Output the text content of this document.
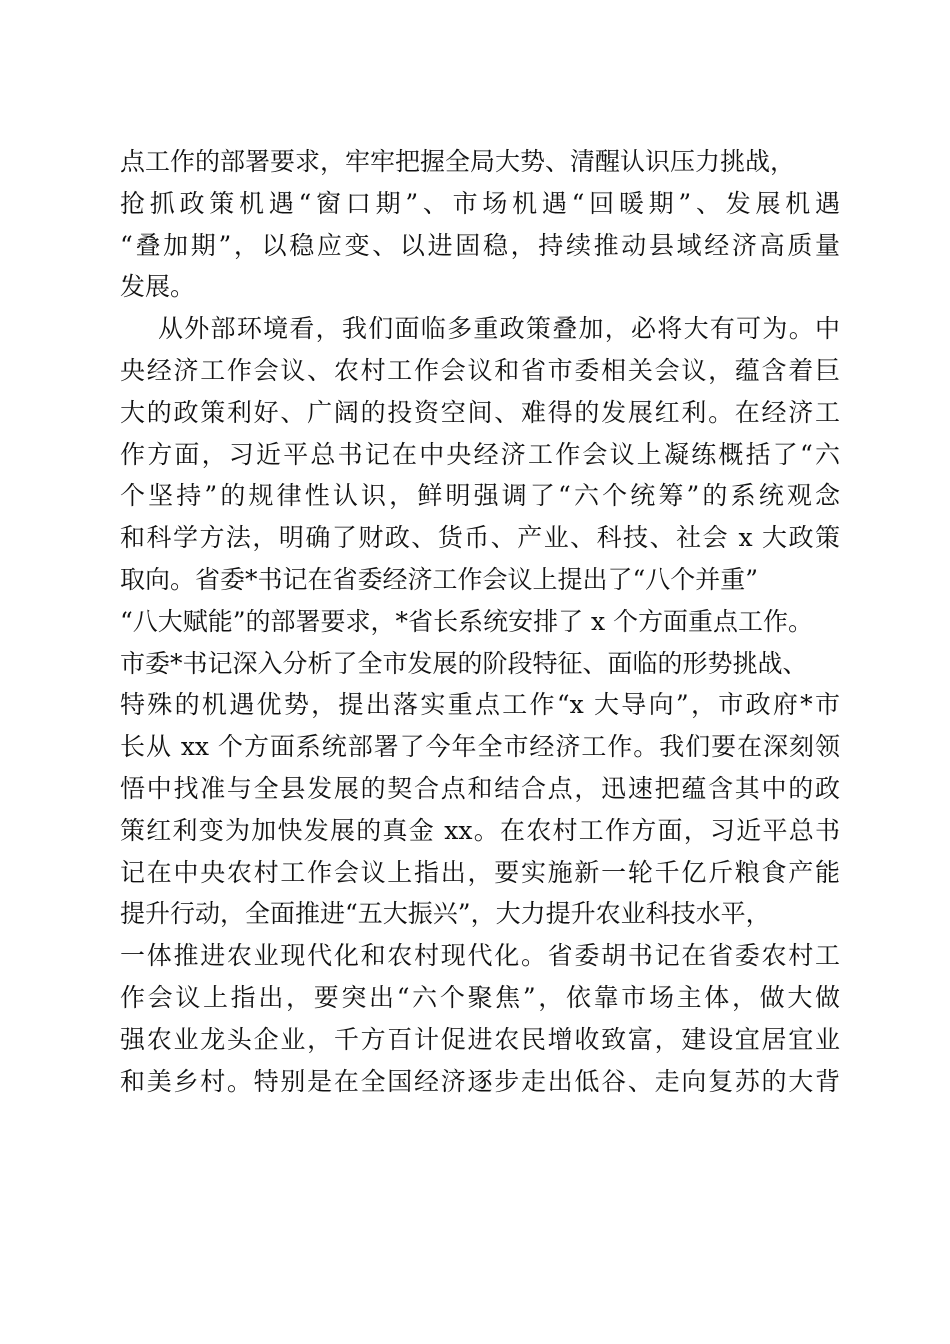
点工作的部署要求，牢牢把握全局大势、清醒认识压力挑战，
抢抓政策机遇“窗口期”、市场机遇“回暖期”、发展机遇
“叠加期”，以稳应变、以进固稳，持续推动县域经济高质量
发展。
从外部环境看，我们面临多重政策叠加，必将大有可为。中
央经济工作会议、农村工作会议和省市委相关会议，蕴含着巨
大的政策利好、广阔的投资空间、难得的发展红利。在经济工
作方面，习近平总书记在中央经济工作会议上凝练概括了“六
个坚持”的规律性认识，鲜明强调了“六个统筹”的系统观念
和科学方法，明确了财政、货币、产业、科技、社会 x 大政策
取向。省委*书记在省委经济工作会议上提出了“八个并重”
“八大赋能”的部署要求，*省长系统安排了 x 个方面重点工作。
市委*书记深入分析了全市发展的阶段特征、面临的形势挑战、
特殊的机遇优势，提出落实重点工作“x 大导向”，市政府*市
长从 xx 个方面系统部署了今年全市经济工作。我们要在深刻领
悟中找准与全县发展的契合点和结合点，迅速把蕴含其中的政
策红利变为加快发展的真金 xx。在农村工作方面，习近平总书
记在中央农村工作会议上指出，要实施新一轮千亿斤粮食产能
提升行动，全面推进“五大振兴”，大力提升农业科技水平，
一体推进农业现代化和农村现代化。省委胡书记在省委农村工
作会议上指出，要突出“六个聚焦”，依靠市场主体，做大做
强农业龙头企业，千方百计促进农民增收致富，建设宜居宜业
和美乡村。特别是在全国经济逐步走出低谷、走向复苏的大背
